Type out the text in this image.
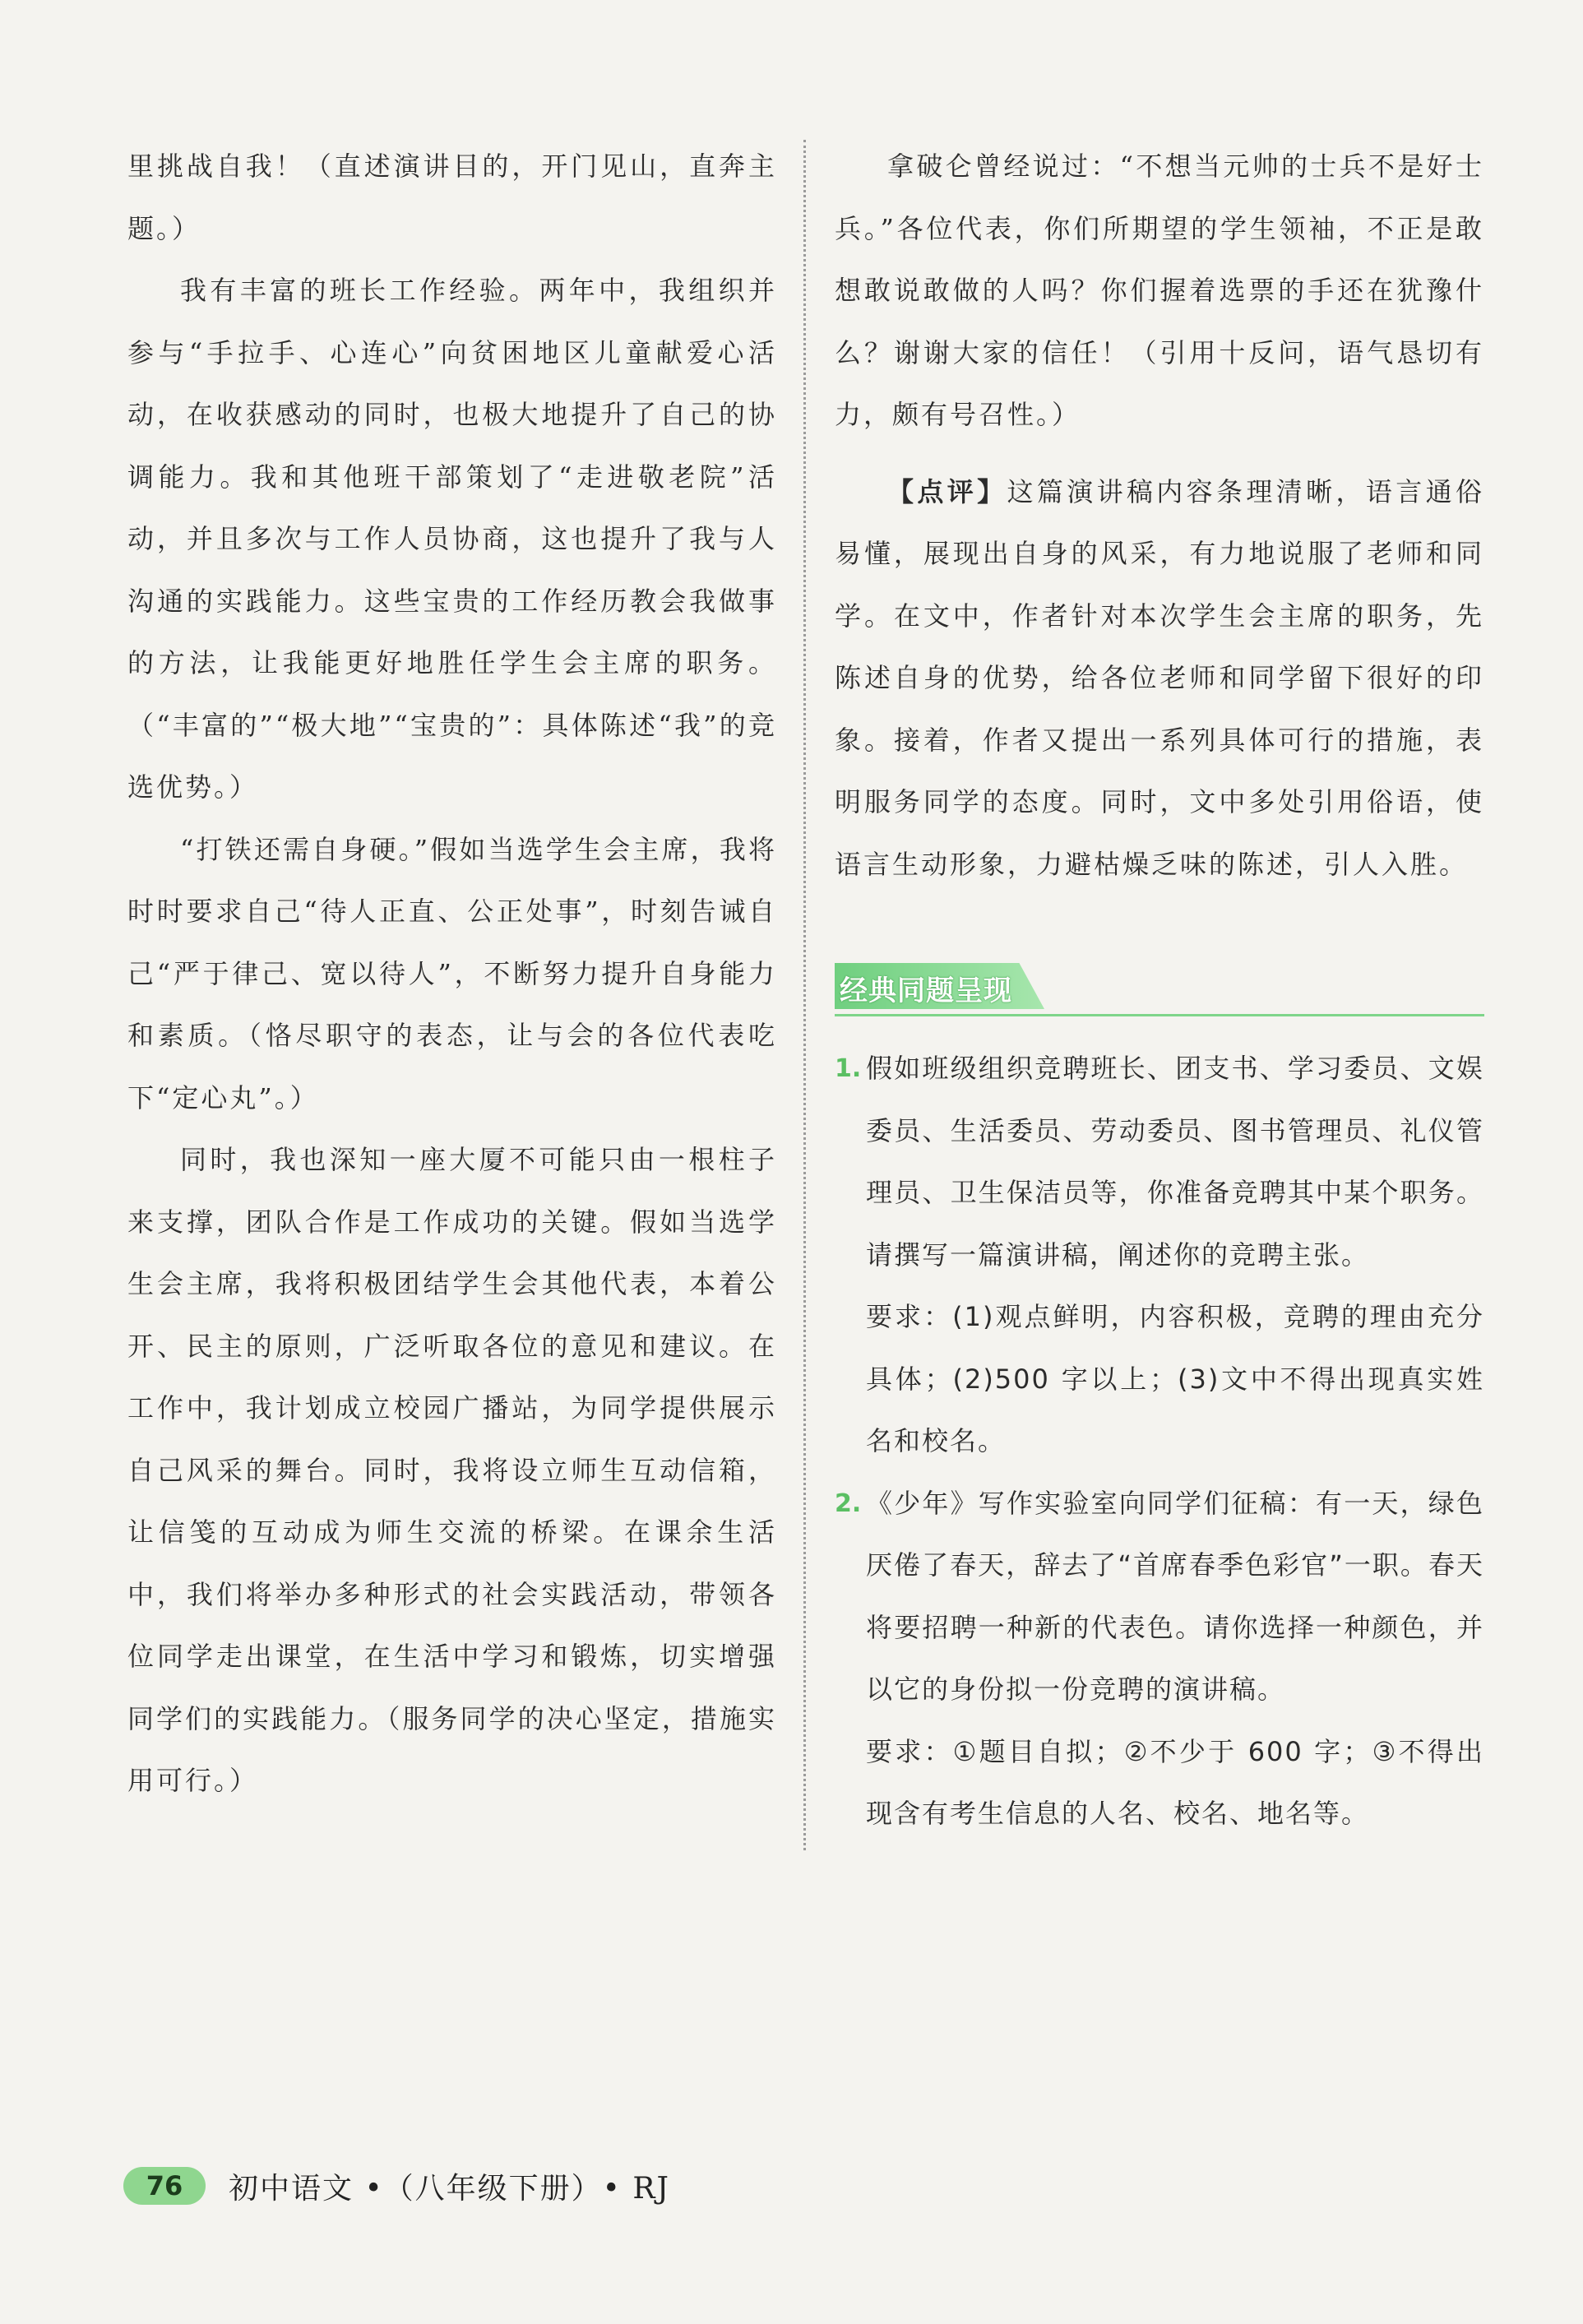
里挑战自我！（直述演讲目的，开门见山，直奔主题。）

我有丰富的班长工作经验。两年中，我组织并参与“手拉手、心连心”向贫困地区儿童献爱心活动，在收获感动的同时，也极大地提升了自己的协调能力。我和其他班干部策划了“走进敬老院”活动，并且多次与工作人员协商，这也提升了我与人沟通的实践能力。这些宝贵的工作经历教会我做事的方法，让我能更好地胜任学生会主席的职务。（“丰富的”“极大地”“宝贵的”：具体陈述“我”的竞选优势。）

“打铁还需自身硬。”假如当选学生会主席，我将时时要求自己“待人正直、公正处事”，时刻告诫自己“严于律己、宽以待人”，不断努力提升自身能力和素质。（恪尽职守的表态，让与会的各位代表吃下“定心丸”。）

同时，我也深知一座大厦不可能只由一根柱子来支撑，团队合作是工作成功的关键。假如当选学生会主席，我将积极团结学生会其他代表，本着公开、民主的原则，广泛听取各位的意见和建议。在工作中，我计划成立校园广播站，为同学提供展示自己风采的舞台。同时，我将设立师生互动信箱，让信笺的互动成为师生交流的桥梁。在课余生活中，我们将举办多种形式的社会实践活动，带领各位同学走出课堂，在生活中学习和锻炼，切实增强同学们的实践能力。（服务同学的决心坚定，措施实用可行。）

拿破仑曾经说过：“不想当元帅的士兵不是好士兵。”各位代表，你们所期望的学生领袖，不正是敢想敢说敢做的人吗？你们握着选票的手还在犹豫什么？谢谢大家的信任！（引用十反问，语气恳切有力，颇有号召性。）

【点评】这篇演讲稿内容条理清晰，语言通俗易懂，展现出自身的风采，有力地说服了老师和同学。在文中，作者针对本次学生会主席的职务，先陈述自身的优势，给各位老师和同学留下很好的印象。接着，作者又提出一系列具体可行的措施，表明服务同学的态度。同时，文中多处引用俗语，使语言生动形象，力避枯燥乏味的陈述，引人入胜。

经典同题呈现
1. 假如班级组织竞聘班长、团支书、学习委员、文娱委员、生活委员、劳动委员、图书管理员、礼仪管理员、卫生保洁员等，你准备竞聘其中某个职务。请撰写一篇演讲稿，阐述你的竞聘主张。

要求：(1)观点鲜明，内容积极，竞聘的理由充分具体；(2)500 字以上；(3)文中不得出现真实姓名和校名。

2. 《少年》写作实验室向同学们征稿：有一天，绿色厌倦了春天，辞去了“首席春季色彩官”一职。春天将要招聘一种新的代表色。请你选择一种颜色，并以它的身份拟一份竞聘的演讲稿。

要求：①题目自拟；②不少于 600 字；③不得出现含有考生信息的人名、校名、地名等。

76	初中语文 •（八年级下册）• RJ
